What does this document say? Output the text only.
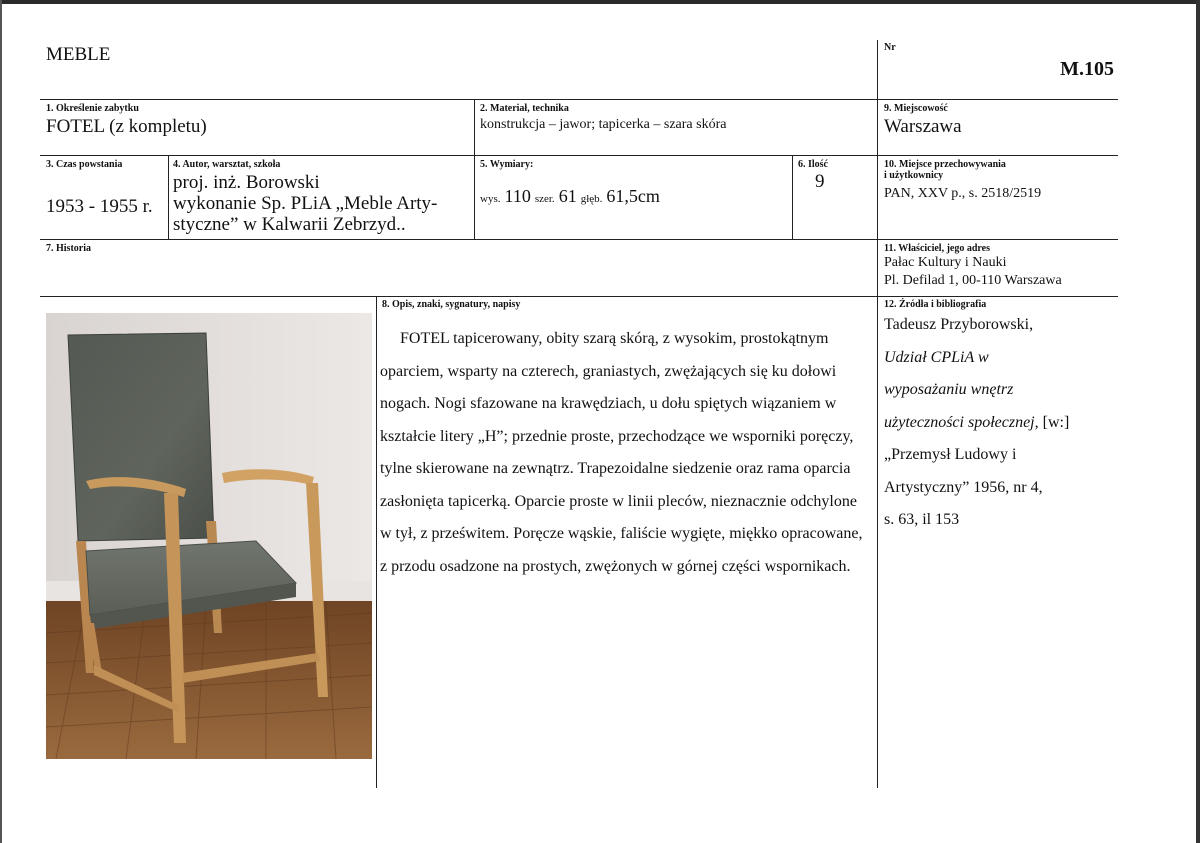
MEBLE	Nr
M.105
1. Określenie zabytku
FOTEL (z kompletu)
2. Materiał, technika
konstrukcja – jawor; tapicerka – szara skóra
9. Miejscowość
Warszawa
3. Czas powstania
1953 - 1955 r.
4. Autor, warsztat, szkoła
proj. inż. Borowski
wykonanie Sp. PLiA „Meble Arty-
styczne” w Kalwarii Zebrzyd..
5. Wymiary:
wys. 110 szer. 61 głęb. 61,5cm
6. Ilość
9
10. Miejsce przechowywania
i użytkownicy
PAN, XXV p., s. 2518/2519
7. Historia	11. Właściciel, jego adres
Pałac Kultury i Nauki
Pl. Defilad 1, 00-110 Warszawa
8. Opis, znaki, sygnatury, napisy	12. Źródła i bibliografia

FOTEL tapicerowany, obity szarą skórą, z wysokim, prostokątnym oparciem, wsparty na czterech, graniastych, zwężających się ku dołowi nogach. Nogi sfazowane na krawędziach, u dołu spiętych wiązaniem w kształcie litery „H”; przednie proste, przechodzące we wsporniki poręczy, tylne skierowane na zewnątrz. Trapezoidalne siedzenie oraz rama oparcia zasłonięta tapicerką. Oparcie proste w linii pleców, nieznacznie odchylone w tył, z prześwitem. Poręcze wąskie, faliście wygięte, miękko opracowane, z przodu osadzone na prostych, zwężonych w górnej części wspornikach.

Tadeusz Przyborowski,
Udział CPLiA w
wyposażaniu wnętrz
użyteczności społecznej, [w:]
„Przemysł Ludowy i
Artystyczny” 1956, nr 4,
s. 63, il 153
